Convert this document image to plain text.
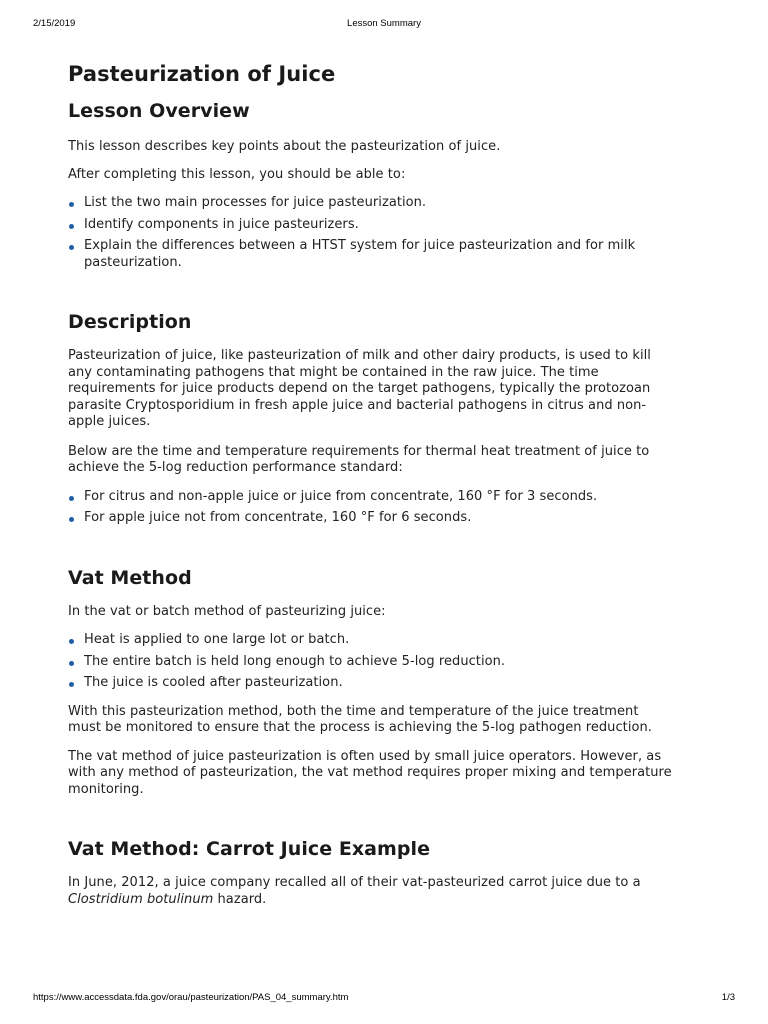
2/15/2019	Lesson Summary
Pasteurization of Juice
Lesson Overview

This lesson describes key points about the pasteurization of juice.

After completing this lesson, you should be able to:

List the two main processes for juice pasteurization.
Identify components in juice pasteurizers.
Explain the differences between a HTST system for juice pasteurization and for milk pasteurization.
Description

Pasteurization of juice, like pasteurization of milk and other dairy products, is used to kill any contaminating pathogens that might be contained in the raw juice. The time requirements for juice products depend on the target pathogens, typically the protozoan parasite Cryptosporidium in fresh apple juice and bacterial pathogens in citrus and non-apple juices.

Below are the time and temperature requirements for thermal heat treatment of juice to achieve the 5-log reduction performance standard:

For citrus and non-apple juice or juice from concentrate, 160 °F for 3 seconds.
For apple juice not from concentrate, 160 °F for 6 seconds.
Vat Method

In the vat or batch method of pasteurizing juice:

Heat is applied to one large lot or batch.
The entire batch is held long enough to achieve 5-log reduction.
The juice is cooled after pasteurization.

With this pasteurization method, both the time and temperature of the juice treatment must be monitored to ensure that the process is achieving the 5-log pathogen reduction.

The vat method of juice pasteurization is often used by small juice operators. However, as with any method of pasteurization, the vat method requires proper mixing and temperature monitoring.

Vat Method: Carrot Juice Example

In June, 2012, a juice company recalled all of their vat-pasteurized carrot juice due to a Clostridium botulinum hazard.

https://www.accessdata.fda.gov/orau/pasteurization/PAS_04_summary.htm	1/3
